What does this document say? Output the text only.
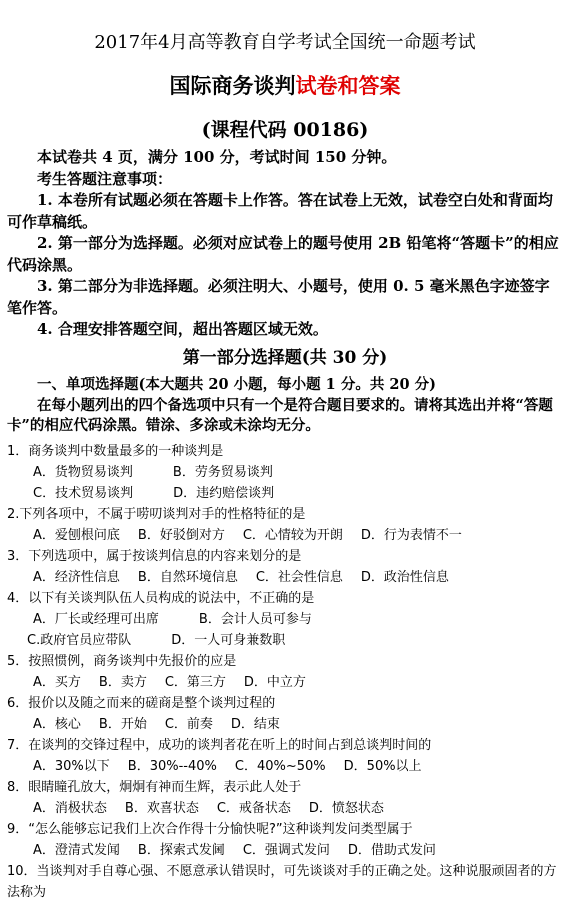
2017年4月高等教育自学考试全国统一命题考试
国际商务谈判试卷和答案
(课程代码 00186)

本试卷共 4 页，满分 100 分，考试时间 150 分钟。

考生答题注意事项：

1. 本卷所有试题必须在答题卡上作答。答在试卷上无效，试卷空白处和背面均可作草稿纸。

2. 第一部分为选择题。必须对应试卷上的题号使用 2B 铅笔将“答题卡”的相应代码涂黑。

3. 第二部分为非选择题。必须注明大、小题号，使用 0. 5 毫米黑色字迹签字笔作答。

4. 合理安排答题空间，超出答题区域无效。

第一部分选择题(共 30 分)

一、单项选择题(本大题共 20 小题，每小题 1 分。共 20 分)

在每小题列出的四个备选项中只有一个是符合题目要求的。请将其选出并将“答题卡”的相应代码涂黑。错涂、多涂或未涂均无分。

1．商务谈判中数量最多的一种谈判是

A．货物贸易谈判	B．劳务贸易谈判

C．技术贸易谈判	D．违约赔偿谈判

2.下列各项中，不属于唠叨谈判对手的性格特征的是

A．爱刨根问底 B．好驳倒对方 C．心情较为开朗 D．行为表情不一

3．下列选项中，属于按谈判信息的内容来划分的是

A．经济性信息 B．自然环境信息 C．社会性信息 D．政治性信息

4．以下有关谈判队伍人员构成的说法中，不正确的是

A．厂长或经理可出席	B．会计人员可参与

C.政府官员应带队	D．一人可身兼数职

5．按照惯例，商务谈判中先报价的应是

A．买方 B．卖方 C．第三方 D．中立方

6．报价以及随之而来的磋商是整个谈判过程的

A．核心 B．开始 C．前奏 D．结束

7．在谈判的交锋过程中，成功的谈判者花在听上的时间占到总谈判时间的

A．30%以下 B．30%--40% C．40%~50% D．50%以上

8．眼睛瞳孔放大，炯炯有神而生辉，表示此人处于

A．消极状态 B．欢喜状态 C．戒备状态 D．愤怒状态

9．“怎么能够忘记我们上次合作得十分愉快呢?”这种谈判发问类型属于

A．澄清式发闻 B．探索式发阃 C．强调式发问 D．借助式发问

10．当谈判对手自尊心强、不愿意承认错误时，可先谈谈对手的正确之处。这种说服顽固者的方法称为
